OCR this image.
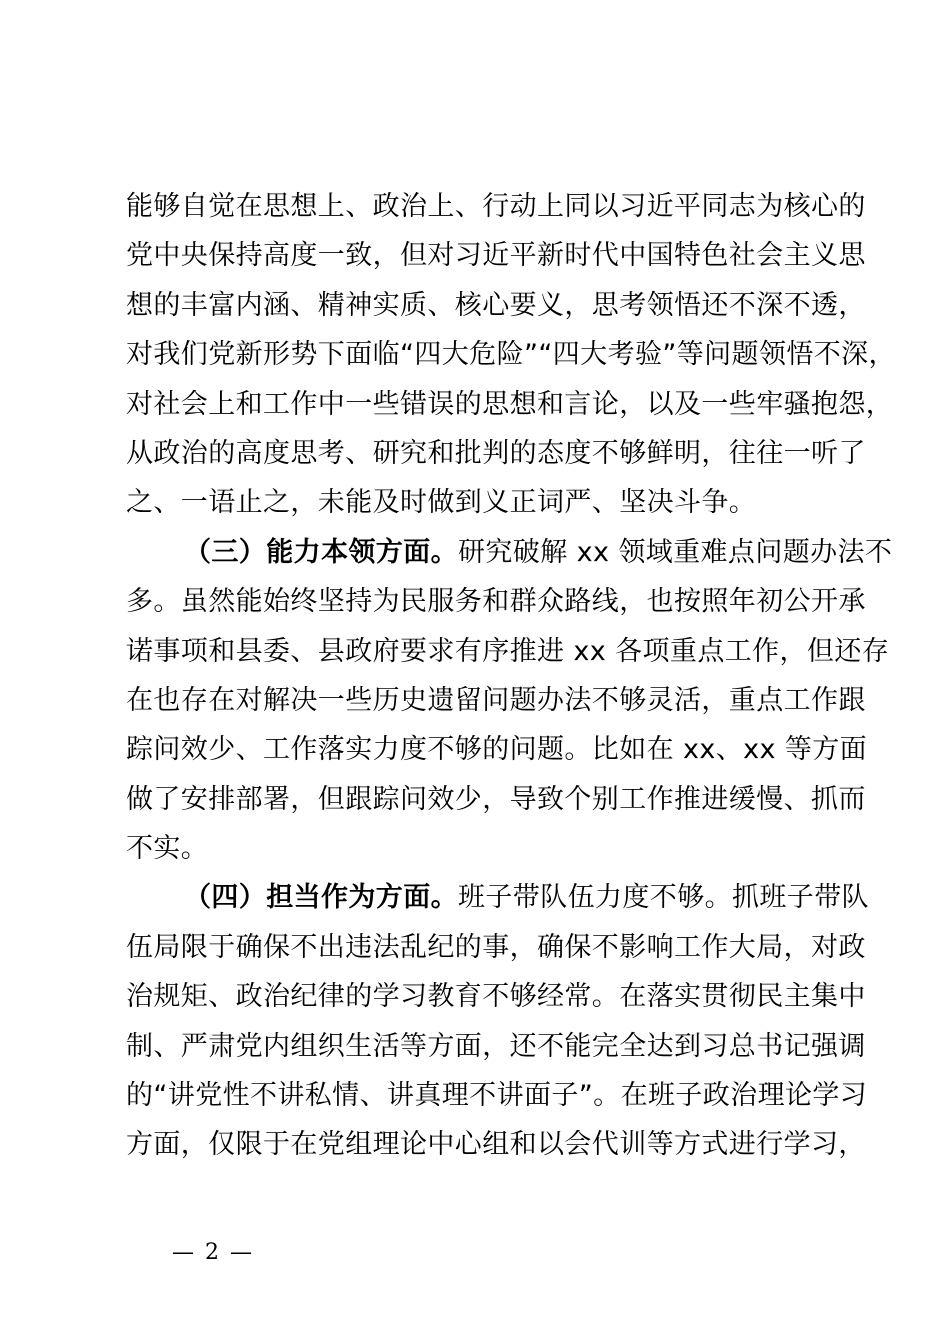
能够自觉在思想上、政治上、行动上同以习近平同志为核心的
党中央保持高度一致，但对习近平新时代中国特色社会主义思
想的丰富内涵、精神实质、核心要义，思考领悟还不深不透，
对我们党新形势下面临“四大危险”“四大考验”等问题领悟不深，
对社会上和工作中一些错误的思想和言论，以及一些牢骚抱怨，
从政治的高度思考、研究和批判的态度不够鲜明，往往一听了
之、一语止之，未能及时做到义正词严、坚决斗争。
（三）能力本领方面。研究破解 xx 领域重难点问题办法不
多。虽然能始终坚持为民服务和群众路线，也按照年初公开承
诺事项和县委、县政府要求有序推进 xx 各项重点工作，但还存
在也存在对解决一些历史遗留问题办法不够灵活，重点工作跟
踪问效少、工作落实力度不够的问题。比如在 xx、xx 等方面
做了安排部署，但跟踪问效少，导致个别工作推进缓慢、抓而
不实。
（四）担当作为方面。班子带队伍力度不够。抓班子带队
伍局限于确保不出违法乱纪的事，确保不影响工作大局，对政
治规矩、政治纪律的学习教育不够经常。在落实贯彻民主集中
制、严肃党内组织生活等方面，还不能完全达到习总书记强调
的“讲党性不讲私情、讲真理不讲面子”。在班子政治理论学习
方面，仅限于在党组理论中心组和以会代训等方式进行学习，
— 2 —
